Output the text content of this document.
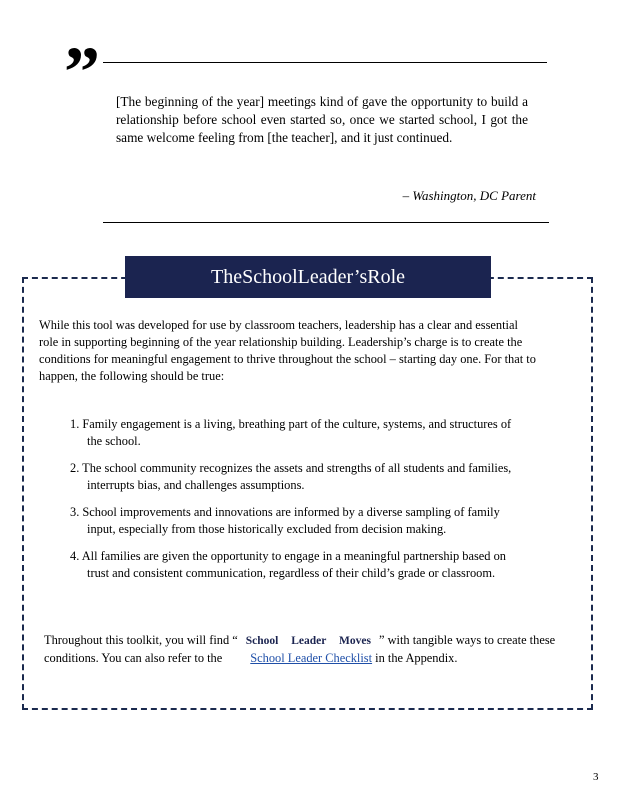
” [The beginning of the year] meetings kind of gave the opportunity to build a relationship before school even started so, once we started school, I got the same welcome feeling from [the teacher], and it just continued.

– Washington, DC Parent
TheSchoolLeader’sRole

While this tool was developed for use by classroom teachers, leadership has a clear and essential role in supporting beginning of the year relationship building. Leadership’s charge is to create the conditions for meaningful engagement to thrive throughout the school – starting day one. For that to happen, the following should be true:

1. Family engagement is a living, breathing part of the culture, systems, and structures of the school.
2. The school community recognizes the assets and strengths of all students and families, interrupts bias, and challenges assumptions.
3. School improvements and innovations are informed by a diverse sampling of family input, especially from those historically excluded from decision making.
4. All families are given the opportunity to engage in a meaningful partnership based on trust and consistent communication, regardless of their child’s grade or classroom.

Throughout this toolkit, you will find “ School Leader Moves ” with tangible ways to create these conditions. You can also refer to the School Leader Checklist in the Appendix.

3
